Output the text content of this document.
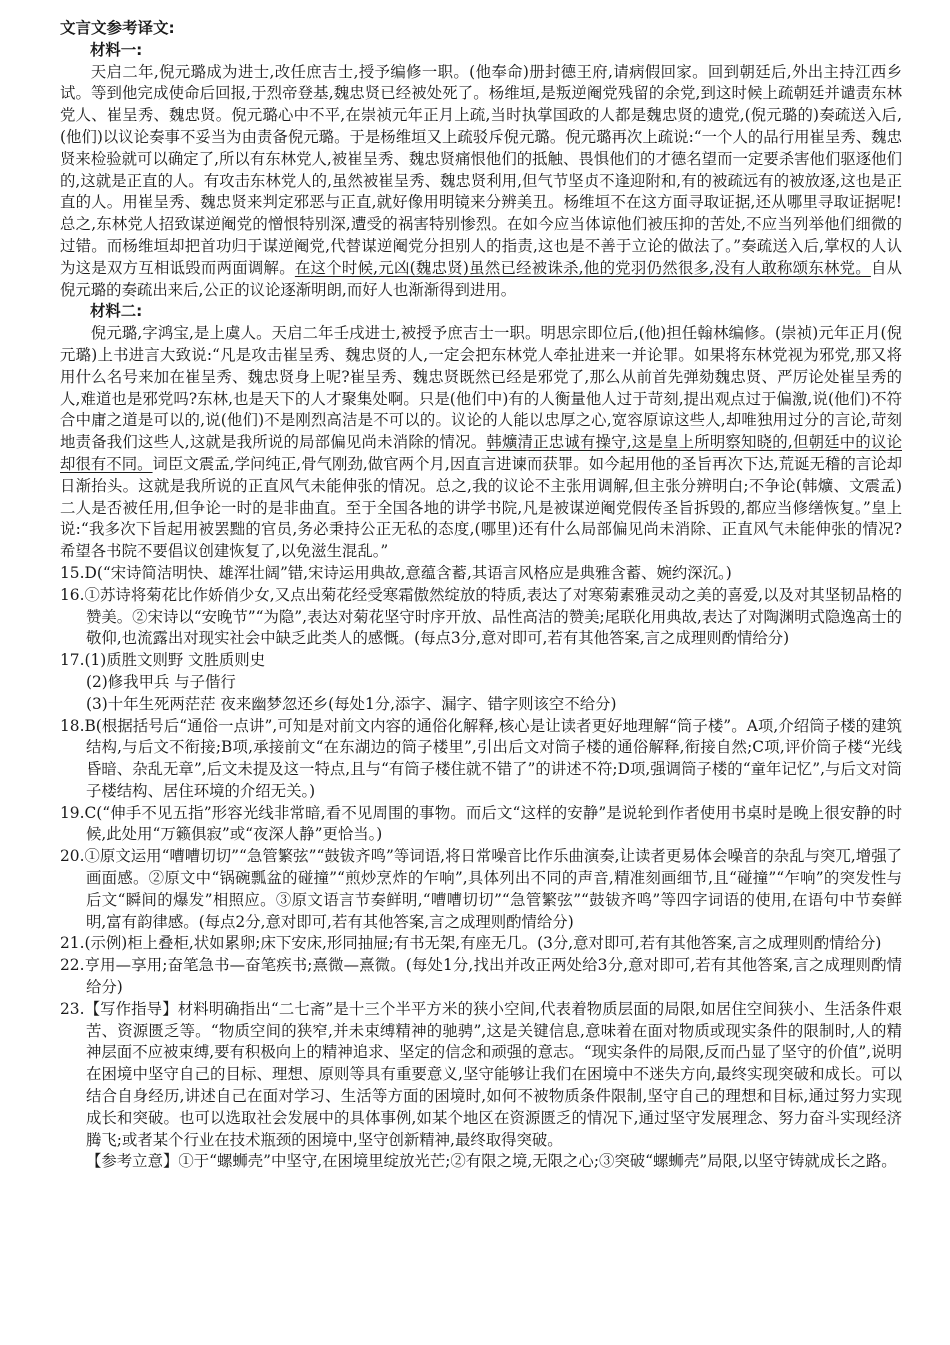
文言文参考译文:

材料一:

天启二年,倪元璐成为进士,改任庶吉士,授予编修一职。(他奉命)册封德王府,请病假回家。回到朝廷后,外出主持江西乡试。等到他完成使命后回报,于烈帝登基,魏忠贤已经被处死了。杨维垣,是叛逆阉党残留的余党,到这时候上疏朝廷并谴责东林党人、崔呈秀、魏忠贤。倪元璐心中不平,在崇祯元年正月上疏,当时执掌国政的人都是魏忠贤的遗党,(倪元璐的)奏疏送入后,(他们)以议论奏事不妥当为由责备倪元璐。于是杨维垣又上疏驳斥倪元璐。倪元璐再次上疏说:“一个人的品行用崔呈秀、魏忠贤来检验就可以确定了,所以有东林党人,被崔呈秀、魏忠贤痛恨他们的抵触、畏惧他们的才德名望而一定要杀害他们驱逐他们的,这就是正直的人。有攻击东林党人的,虽然被崔呈秀、魏忠贤利用,但气节坚贞不逢迎附和,有的被疏远有的被放逐,这也是正直的人。用崔呈秀、魏忠贤来判定邪恶与正直,就好像用明镜来分辨美丑。杨维垣不在这方面寻取证据,还从哪里寻取证据呢!总之,东林党人招致谋逆阉党的憎恨特别深,遭受的祸害特别惨烈。在如今应当体谅他们被压抑的苦处,不应当列举他们细微的过错。而杨维垣却把首功归于谋逆阉党,代替谋逆阉党分担别人的指责,这也是不善于立论的做法了。”奏疏送入后,掌权的人认为这是双方互相诋毁而两面调解。在这个时候,元凶(魏忠贤)虽然已经被诛杀,他的党羽仍然很多,没有人敢称颂东林党。自从倪元璐的奏疏出来后,公正的议论逐渐明朗,而好人也渐渐得到进用。

材料二:

倪元璐,字鸿宝,是上虞人。天启二年壬戌进士,被授予庶吉士一职。明思宗即位后,(他)担任翰林编修。(崇祯)元年正月(倪元璐)上书进言大致说:“凡是攻击崔呈秀、魏忠贤的人,一定会把东林党人牵扯进来一并论罪。如果将东林党视为邪党,那又将用什么名号来加在崔呈秀、魏忠贤身上呢?崔呈秀、魏忠贤既然已经是邪党了,那么从前首先弹劾魏忠贤、严厉论处崔呈秀的人,难道也是邪党吗?东林,也是天下的人才聚集处啊。只是(他们中)有的人衡量他人过于苛刻,提出观点过于偏激,说(他们)不符合中庸之道是可以的,说(他们)不是刚烈高洁是不可以的。议论的人能以忠厚之心,宽容原谅这些人,却唯独用过分的言论,苛刻地责备我们这些人,这就是我所说的局部偏见尚未消除的情况。韩爌清正忠诚有操守,这是皇上所明察知晓的,但朝廷中的议论却很有不同。词臣文震孟,学问纯正,骨气刚劲,做官两个月,因直言进谏而获罪。如今起用他的圣旨再次下达,荒诞无稽的言论却日渐抬头。这就是我所说的正直风气未能伸张的情况。总之,我的议论不主张用调解,但主张分辨明白;不争论(韩爌、文震孟)二人是否被任用,但争论一时的是非曲直。至于全国各地的讲学书院,凡是被谋逆阉党假传圣旨拆毁的,都应当修缮恢复。”皇上说:“我多次下旨起用被罢黜的官员,务必秉持公正无私的态度,(哪里)还有什么局部偏见尚未消除、正直风气未能伸张的情况?希望各书院不要倡议创建恢复了,以免滋生混乱。”

15.D(“宋诗简洁明快、雄浑壮阔”错,宋诗运用典故,意蕴含蓄,其语言风格应是典雅含蓄、婉约深沉。)

16.①苏诗将菊花比作娇俏少女,又点出菊花经受寒霜傲然绽放的特质,表达了对寒菊素雅灵动之美的喜爱,以及对其坚韧品格的赞美。②宋诗以“安晚节”“为隐”,表达对菊花坚守时序开放、品性高洁的赞美;尾联化用典故,表达了对陶渊明式隐逸高士的敬仰,也流露出对现实社会中缺乏此类人的感慨。(每点3分,意对即可,若有其他答案,言之成理则酌情给分)

17.(1)质胜文则野 文胜质则史

(2)修我甲兵 与子偕行

(3)十年生死两茫茫 夜来幽梦忽还乡(每处1分,添字、漏字、错字则该空不给分)

18.B(根据括号后“通俗一点讲”,可知是对前文内容的通俗化解释,核心是让读者更好地理解“筒子楼”。A项,介绍筒子楼的建筑结构,与后文不衔接;B项,承接前文“在东湖边的筒子楼里”,引出后文对筒子楼的通俗解释,衔接自然;C项,评价筒子楼“光线昏暗、杂乱无章”,后文未提及这一特点,且与“有筒子楼住就不错了”的讲述不符;D项,强调筒子楼的“童年记忆”,与后文对筒子楼结构、居住环境的介绍无关。)

19.C(“伸手不见五指”形容光线非常暗,看不见周围的事物。而后文“这样的安静”是说轮到作者使用书桌时是晚上很安静的时候,此处用“万籁俱寂”或“夜深人静”更恰当。)

20.①原文运用“嘈嘈切切”“急管繁弦”“鼓钹齐鸣”等词语,将日常噪音比作乐曲演奏,让读者更易体会噪音的杂乱与突兀,增强了画面感。②原文中“锅碗瓢盆的碰撞”“煎炒烹炸的乍响”,具体列出不同的声音,精准刻画细节,且“碰撞”“乍响”的突发性与后文“瞬间的爆发”相照应。③原文语言节奏鲜明,“嘈嘈切切”“急管繁弦”“鼓钹齐鸣”等四字词语的使用,在语句中节奏鲜明,富有韵律感。(每点2分,意对即可,若有其他答案,言之成理则酌情给分)

21.(示例)柜上叠柜,状如累卵;床下安床,形同抽屉;有书无架,有座无几。(3分,意对即可,若有其他答案,言之成理则酌情给分)

22.亨用—享用;奋笔急书—奋笔疾书;熹微—熹微。(每处1分,找出并改正两处给3分,意对即可,若有其他答案,言之成理则酌情给分)

23.【写作指导】材料明确指出“二七斋”是十三个半平方米的狭小空间,代表着物质层面的局限,如居住空间狭小、生活条件艰苦、资源匮乏等。“物质空间的狭窄,并未束缚精神的驰骋”,这是关键信息,意味着在面对物质或现实条件的限制时,人的精神层面不应被束缚,要有积极向上的精神追求、坚定的信念和顽强的意志。“现实条件的局限,反而凸显了坚守的价值”,说明在困境中坚守自己的目标、理想、原则等具有重要意义,坚守能够让我们在困境中不迷失方向,最终实现突破和成长。可以结合自身经历,讲述自己在面对学习、生活等方面的困境时,如何不被物质条件限制,坚守自己的理想和目标,通过努力实现成长和突破。也可以选取社会发展中的具体事例,如某个地区在资源匮乏的情况下,通过坚守发展理念、努力奋斗实现经济腾飞;或者某个行业在技术瓶颈的困境中,坚守创新精神,最终取得突破。

【参考立意】①于“螺蛳壳”中坚守,在困境里绽放光芒;②有限之境,无限之心;③突破“螺蛳壳”局限,以坚守铸就成长之路。
